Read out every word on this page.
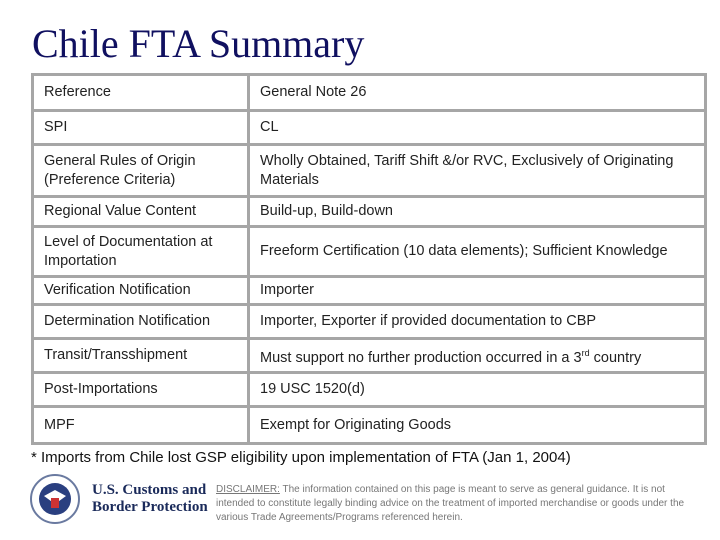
Chile FTA Summary
Reference	General Note 26
SPI	CL
General Rules of Origin (Preference Criteria)	Wholly Obtained, Tariff Shift &/or RVC, Exclusively of Originating Materials
Regional Value Content	Build-up, Build-down
Level of Documentation at Importation	Freeform Certification (10 data elements); Sufficient Knowledge
Verification Notification	Importer
Determination Notification	Importer, Exporter if provided documentation to CBP
Transit/Transshipment	Must support no further production occurred in a 3rd country
Post-Importations	19 USC 1520(d)
MPF	Exempt for Originating Goods
* Imports from Chile lost GSP eligibility upon implementation of FTA (Jan 1, 2004)
U.S. Customs and
Border Protection
DISCLAIMER: The information contained on this page is meant to serve as general guidance. It is not intended to constitute legally binding advice on the treatment of imported merchandise or goods under the various Trade Agreements/Programs referenced herein.
